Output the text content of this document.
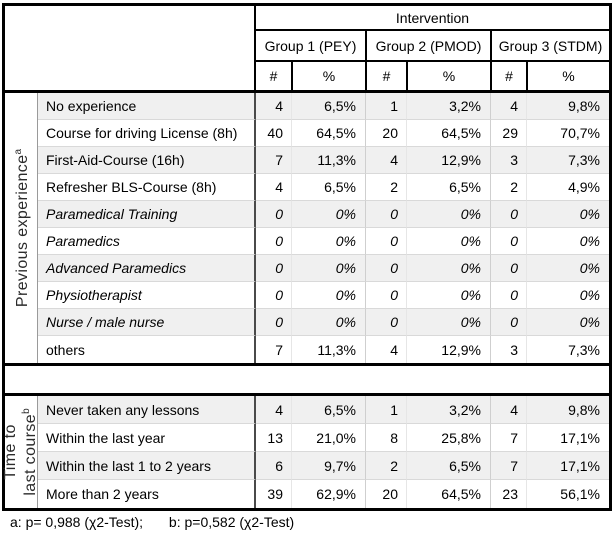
Intervention
Group 1 (PEY)	Group 2 (PMOD)	Group 3 (STDM)
#	%	#	%	#	%
Previous experience$^a$
No experience	4	6,5%	1	3,2%	4	9,8%
Course for driving License (8h)	40	64,5%	20	64,5%	29	70,7%
First-Aid-Course (16h)	7	11,3%	4	12,9%	3	7,3%
Refresher BLS-Course (8h)	4	6,5%	2	6,5%	2	4,9%
Paramedical Training	0	0%	0	0%	0	0%
Paramedics	0	0%	0	0%	0	0%
Advanced Paramedics	0	0%	0	0%	0	0%
Physiotherapist	0	0%	0	0%	0	0%
Nurse / male nurse	0	0%	0	0%	0	0%
others	7	11,3%	4	12,9%	3	7,3%
Time to last course$^b$	Never taken any lessons	4	6,5%	1	3,2%	4	9,8%
Within the last year	13	21,0%	8	25,8%	7	17,1%
Within the last 1 to 2 years	6	9,7%	2	6,5%	7	17,1%
More than 2 years	39	62,9%	20	64,5%	23	56,1%
a: p= 0,988 (χ2-Test); b: p=0,582 (χ2-Test)
